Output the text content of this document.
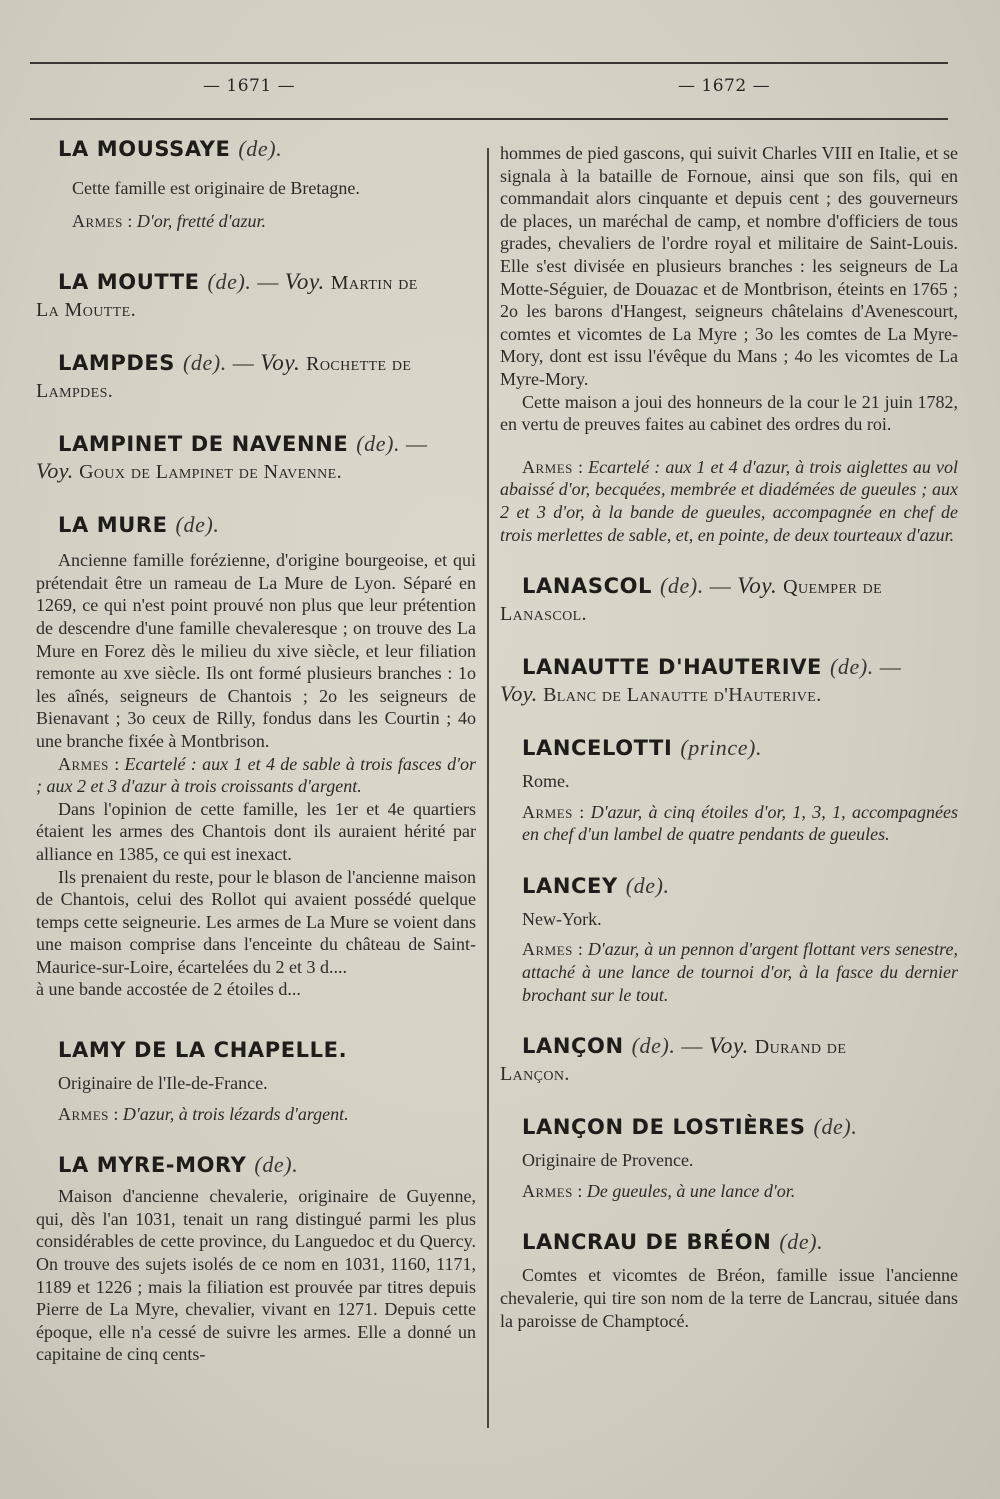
— 1671 —	— 1672 —
LA MOUSSAYE (de).

Cette famille est originaire de Bretagne.

Armes : D'or, fretté d'azur.

LA MOUTTE (de). — Voy. Martin de

La Moutte.

LAMPDES (de). — Voy. Rochette de

Lampdes.

LAMPINET DE NAVENNE (de). —

Voy. Goux de Lampinet de Navenne.

LA MURE (de).

Ancienne famille forézienne, d'origine bourgeoise, et qui prétendait être un rameau de La Mure de Lyon. Séparé en 1269, ce qui n'est point prouvé non plus que leur prétention de descendre d'une famille chevaleresque ; on trouve des La Mure en Forez dès le milieu du xive siècle, et leur filiation remonte au xve siècle. Ils ont formé plusieurs branches : 1o les aînés, seigneurs de Chantois ; 2o les seigneurs de Bienavant ; 3o ceux de Rilly, fondus dans les Courtin ; 4o une branche fixée à Montbrison.

Armes : Ecartelé : aux 1 et 4 de sable à trois fasces d'or ; aux 2 et 3 d'azur à trois croissants d'argent.

Dans l'opinion de cette famille, les 1er et 4e quartiers étaient les armes des Chantois dont ils auraient hérité par alliance en 1385, ce qui est inexact.

Ils prenaient du reste, pour le blason de l'ancienne maison de Chantois, celui des Rollot qui avaient possédé quelque temps cette seigneurie. Les armes de La Mure se voient dans une maison comprise dans l'enceinte du château de Saint-Maurice-sur-Loire, écartelées du 2 et 3 d....

à une bande accostée de 2 étoiles d...

LAMY DE LA CHAPELLE.

Originaire de l'Ile-de-France.

Armes : D'azur, à trois lézards d'argent.

LA MYRE-MORY (de).

Maison d'ancienne chevalerie, originaire de Guyenne, qui, dès l'an 1031, tenait un rang distingué parmi les plus considérables de cette province, du Languedoc et du Quercy. On trouve des sujets isolés de ce nom en 1031, 1160, 1171, 1189 et 1226 ; mais la filiation est prouvée par titres depuis Pierre de La Myre, chevalier, vivant en 1271. Depuis cette époque, elle n'a cessé de suivre les armes. Elle a donné un capitaine de cinq cents-

hommes de pied gascons, qui suivit Charles VIII en Italie, et se signala à la bataille de Fornoue, ainsi que son fils, qui en commandait alors cinquante et depuis cent ; des gouverneurs de places, un maréchal de camp, et nombre d'officiers de tous grades, chevaliers de l'ordre royal et militaire de Saint-Louis. Elle s'est divisée en plusieurs branches : les seigneurs de La Motte-Séguier, de Douazac et de Montbrison, éteints en 1765 ; 2o les barons d'Hangest, seigneurs châtelains d'Avenescourt, comtes et vicomtes de La Myre ; 3o les comtes de La Myre-Mory, dont est issu l'évêque du Mans ; 4o les vicomtes de La Myre-Mory.

Cette maison a joui des honneurs de la cour le 21 juin 1782, en vertu de preuves faites au cabinet des ordres du roi.

Armes : Ecartelé : aux 1 et 4 d'azur, à trois aiglettes au vol abaissé d'or, becquées, membrée et diadémées de gueules ; aux 2 et 3 d'or, à la bande de gueules, accompagnée en chef de trois merlettes de sable, et, en pointe, de deux tourteaux d'azur.

LANASCOL (de). — Voy. Quemper de

Lanascol.

LANAUTTE D'HAUTERIVE (de). —

Voy. Blanc de Lanautte d'Hauterive.

LANCELOTTI (prince).

Rome.

Armes : D'azur, à cinq étoiles d'or, 1, 3, 1, accompagnées en chef d'un lambel de quatre pendants de gueules.

LANCEY (de).

New-York.

Armes : D'azur, à un pennon d'argent flottant vers senestre, attaché à une lance de tournoi d'or, à la fasce du dernier brochant sur le tout.

LANÇON (de). — Voy. Durand de

Lançon.

LANÇON DE LOSTIÈRES (de).

Originaire de Provence.

Armes : De gueules, à une lance d'or.

LANCRAU DE BRÉON (de).

Comtes et vicomtes de Bréon, famille issue l'ancienne chevalerie, qui tire son nom de la terre de Lancrau, située dans la paroisse de Champtocé.
